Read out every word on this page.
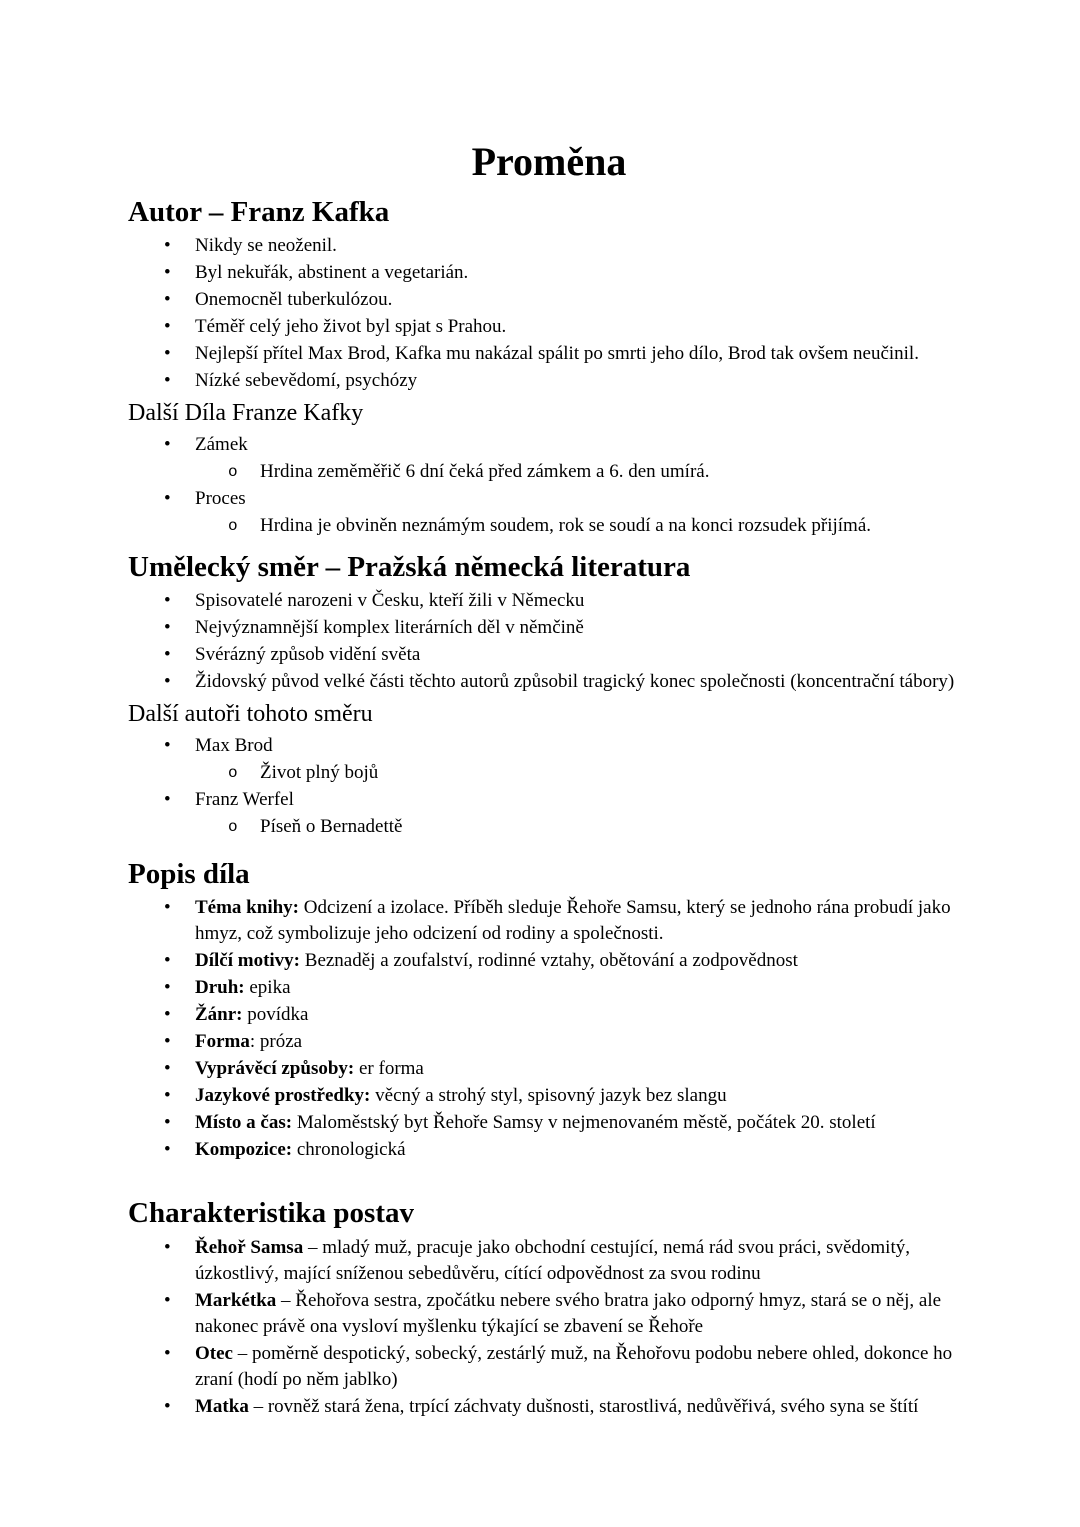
Proměna
Autor – Franz Kafka
• Nikdy se neoženil.
• Byl nekuřák, abstinent a vegetarián.
• Onemocněl tuberkulózou.
• Téměř celý jeho život byl spjat s Prahou.
• Nejlepší přítel Max Brod, Kafka mu nakázal spálit po smrti jeho dílo, Brod tak ovšem neučinil.
• Nízké sebevědomí, psychózy
Další Díla Franze Kafky
• Zámek
o Hrdina zeměměřič 6 dní čeká před zámkem a 6. den umírá.
• Proces
o Hrdina je obviněn neznámým soudem, rok se soudí a na konci rozsudek přijímá.
Umělecký směr – Pražská německá literatura
• Spisovatelé narozeni v Česku, kteří žili v Německu
• Nejvýznamnější komplex literárních děl v němčině
• Svérázný způsob vidění světa
• Židovský původ velké části těchto autorů způsobil tragický konec společnosti (koncentrační tábory)
Další autoři tohoto směru
• Max Brod
o Život plný bojů
• Franz Werfel
o Píseň o Bernadettě
Popis díla
• Téma knihy: Odcizení a izolace. Příběh sleduje Řehoře Samsu, který se jednoho rána probudí jako hmyz, což symbolizuje jeho odcizení od rodiny a společnosti.
• Dílčí motivy: Beznaděj a zoufalství, rodinné vztahy, obětování a zodpovědnost
• Druh: epika
• Žánr: povídka
• Forma: próza
• Vyprávěcí způsoby: er forma
• Jazykové prostředky: věcný a strohý styl, spisovný jazyk bez slangu
• Místo a čas: Maloměstský byt Řehoře Samsy v nejmenovaném městě, počátek 20. století
• Kompozice: chronologická
Charakteristika postav
• Řehoř Samsa – mladý muž, pracuje jako obchodní cestující, nemá rád svou práci, svědomitý, úzkostlivý, mající sníženou sebedůvěru, cítící odpovědnost za svou rodinu
• Markétka – Řehořova sestra, zpočátku nebere svého bratra jako odporný hmyz, stará se o něj, ale nakonec právě ona vysloví myšlenku týkající se zbavení se Řehoře
• Otec – poměrně despotický, sobecký, zestárlý muž, na Řehořovu podobu nebere ohled, dokonce ho zraní (hodí po něm jablko)
• Matka – rovněž stará žena, trpící záchvaty dušnosti, starostlivá, nedůvěřivá, svého syna se štítí
